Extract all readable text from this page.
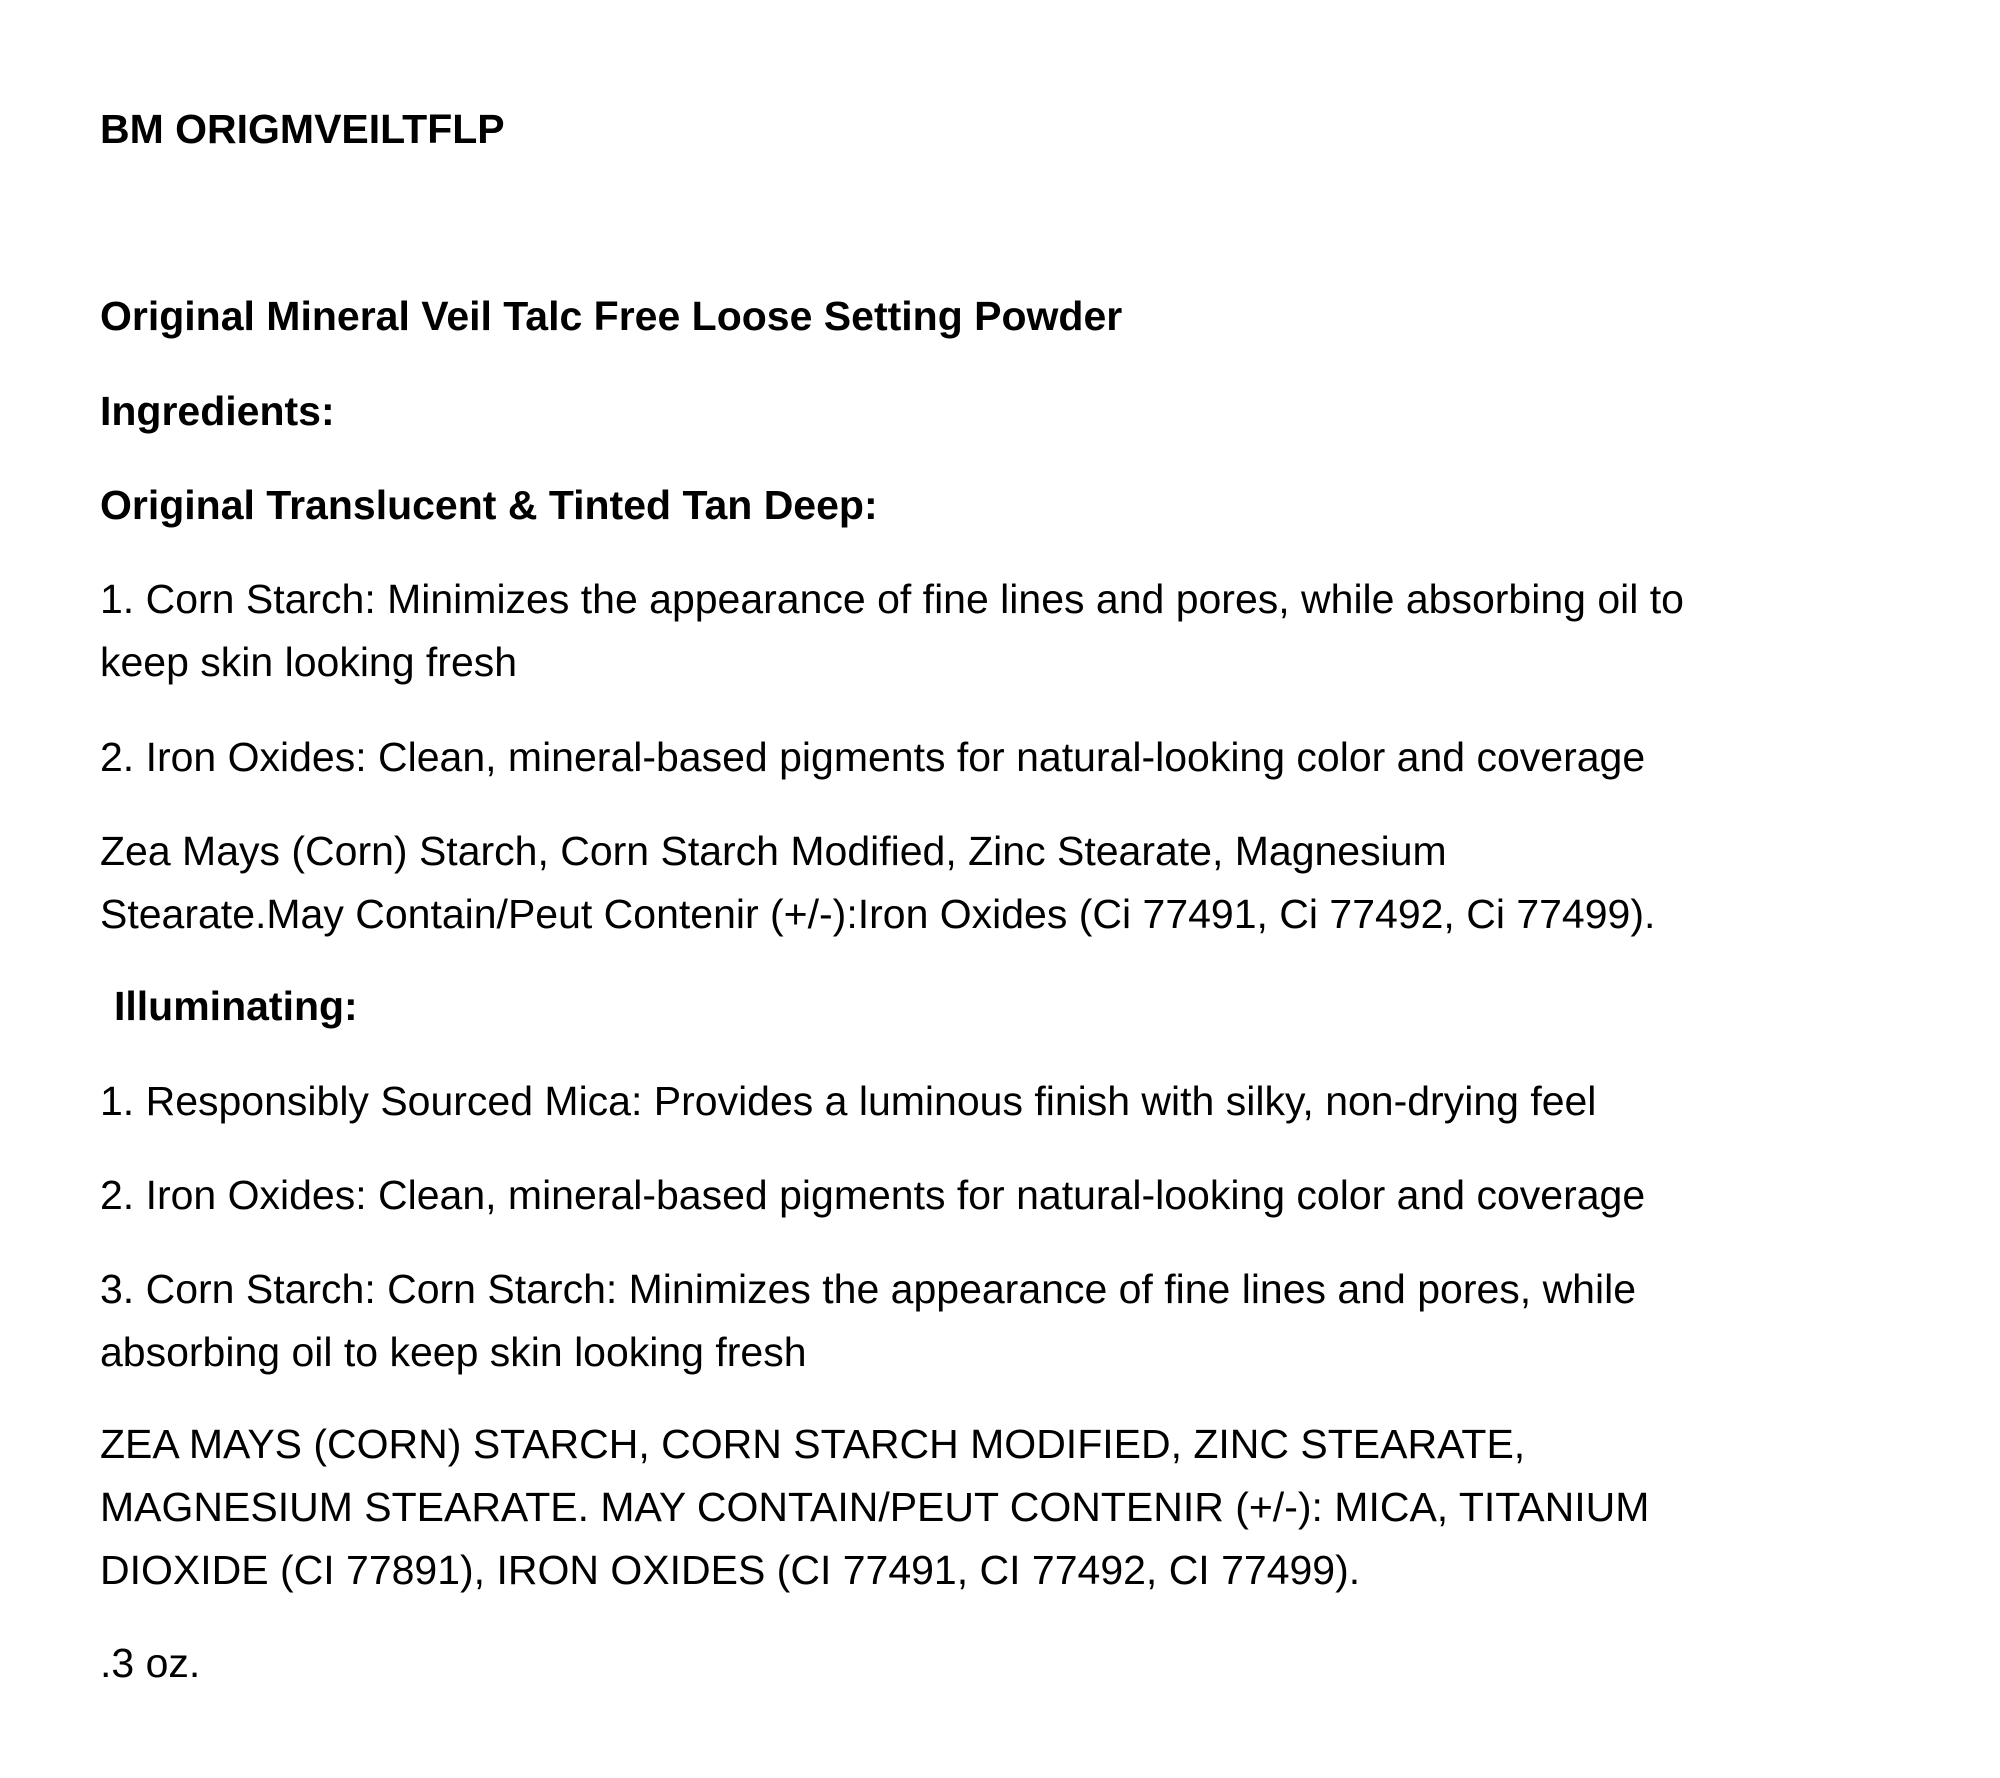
BM ORIGMVEILTFLP

Original Mineral Veil Talc Free Loose Setting Powder

Ingredients:

Original Translucent & Tinted Tan Deep:

1. Corn Starch: Minimizes the appearance of fine lines and pores, while absorbing oil to
keep skin looking fresh

2. Iron Oxides: Clean, mineral-based pigments for natural-looking color and coverage

Zea Mays (Corn) Starch, Corn Starch Modified, Zinc Stearate, Magnesium
Stearate.May Contain/Peut Contenir (+/-):Iron Oxides (Ci 77491, Ci 77492, Ci 77499).

Illuminating:

1. Responsibly Sourced Mica: Provides a luminous finish with silky, non-drying feel

2. Iron Oxides: Clean, mineral-based pigments for natural-looking color and coverage

3. Corn Starch: Corn Starch: Minimizes the appearance of fine lines and pores, while
absorbing oil to keep skin looking fresh
ZEA MAYS (CORN) STARCH, CORN STARCH MODIFIED, ZINC STEARATE,
MAGNESIUM STEARATE. MAY CONTAIN/PEUT CONTENIR (+/-): MICA, TITANIUM
DIOXIDE (CI 77891), IRON OXIDES (CI 77491, CI 77492, CI 77499).

.3 oz.
